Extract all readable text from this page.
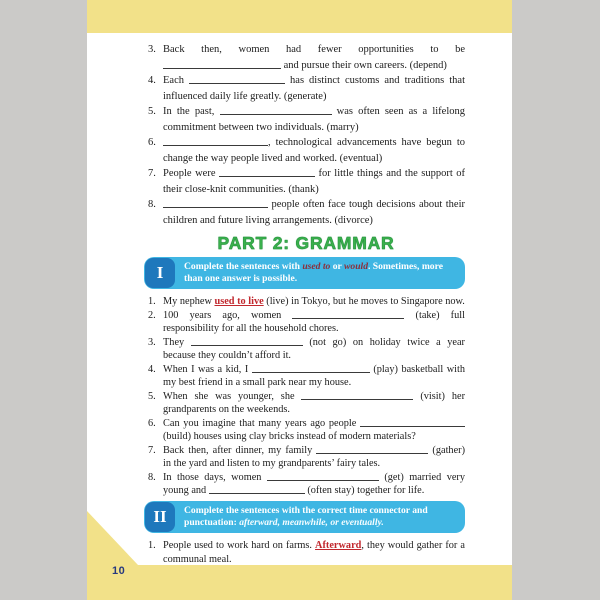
3. Back then, women had fewer opportunities to be  and pursue their own careers. (depend)
4. Each	has distinct customs and traditions that influenced daily life greatly. (generate)
5. In the past,	was often seen as a lifelong commitment between two individuals. (marry)
6.	, technological advancements have begun to change the way people lived and worked. (eventual)
7. People were	for little things and the support of their close-knit communities. (thank)
8.	people often face tough decisions about their children and future living arrangements. (divorce)
PART 2: GRAMMAR
I	Complete the sentences with used to or would. Sometimes, more than one answer is possible.
1. My nephew used to live (live) in Tokyo, but he moves to Singapore now.
2. 100 years ago, women	(take) full responsibility for all the household chores.
3. They	(not go) on holiday twice a year because they couldn’t afford it.
4. When I was a kid, I	(play) basketball with my best friend in a small park near my house.
5. When she was younger, she	(visit) her grandparents on the weekends.
6. Can you imagine that many years ago people  (build) houses using clay bricks instead of modern materials?
7. Back then, after dinner, my family	(gather) in the yard and listen to my grandparents’ fairy tales.
8. In those days, women	(get) married very young and	(often stay) together for life.
II	Complete the sentences with the correct time connector and punctuation: afterward, meanwhile, or eventually.
1. People used to work hard on farms. Afterward, they would gather for a communal meal.
10
